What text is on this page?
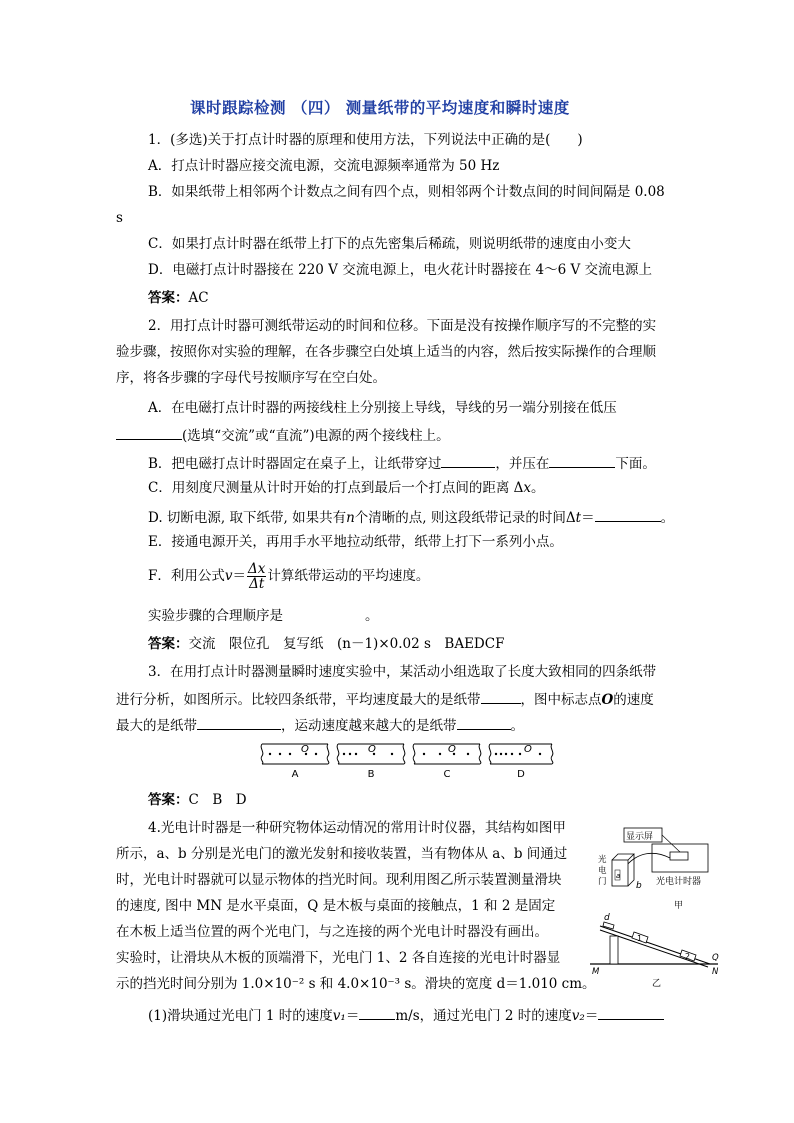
课时跟踪检测 （四） 测量纸带的平均速度和瞬时速度
1．(多选)关于打点计时器的原理和使用方法，下列说法中正确的是(　　)
A．打点计时器应接交流电源，交流电源频率通常为 50 Hz
B．如果纸带上相邻两个计数点之间有四个点，则相邻两个计数点间的时间间隔是 0.08
s
C．如果打点计时器在纸带上打下的点先密集后稀疏，则说明纸带的速度由小变大
D．电磁打点计时器接在 220 V 交流电源上，电火花计时器接在 4～6 V 交流电源上
答案：AC
2．用打点计时器可测纸带运动的时间和位移。下面是没有按操作顺序写的不完整的实
验步骤，按照你对实验的理解，在各步骤空白处填上适当的内容，然后按实际操作的合理顺
序，将各步骤的字母代号按顺序写在空白处。
A．在电磁打点计时器的两接线柱上分别接上导线，导线的另一端分别接在低压
(选填“交流”或“直流”)电源的两个接线柱上。
B．把电磁打点计时器固定在桌子上，让纸带穿过	，并压在	下面。
C．用刻度尺测量从计时开始的打点到最后一个打点间的距离 Δx。
D. 切断电源, 取下纸带, 如果共有n个清晰的点, 则这段纸带记录的时间Δt＝	。
E．接通电源开关，再用手水平地拉动纸带，纸带上打下一系列小点。
F．利用公式$v= \frac{\Delta x}{\Delta t}$ 计算纸带运动的平均速度。
实验步骤的合理顺序是	。
答案：交流　限位孔　复写纸　(n－1)×0.02 s　BAEDCF
3．在用打点计时器测量瞬时速度实验中，某活动小组选取了长度大致相同的四条纸带
进行分析，如图所示。比较四条纸带，平均速度最大的是纸带	，图中标志点O的速度
最大的是纸带	，运动速度越来越大的是纸带	。
O
A
O
B
O
C
O
D
答案：C　B　D
4.光电计时器是一种研究物体运动情况的常用计时仪器，其结构如图甲
所示，a、b 分别是光电门的激光发射和接收装置，当有物体从 a、b 间通过
时，光电计时器就可以显示物体的挡光时间。现利用图乙所示装置测量滑块
的速度, 图中 MN 是水平桌面，Q 是木板与桌面的接触点，1 和 2 是固定
在木板上适当位置的两个光电门，与之连接的两个光电计时器没有画出。
实验时，让滑块从木板的顶端滑下，光电门 1、2 各自连接的光电计时器显
示的挡光时间分别为 1.0×10⁻² s 和 4.0×10⁻³ s。滑块的宽度 d＝1.010 cm。
(1)滑块通过光电门 1 时的速度v₁＝	m/s，通过光电门 2 时的速度v₂＝
显示屏
光
电
门
a
b 光电计时器
甲
d
1
2
M	N
Q
乙
